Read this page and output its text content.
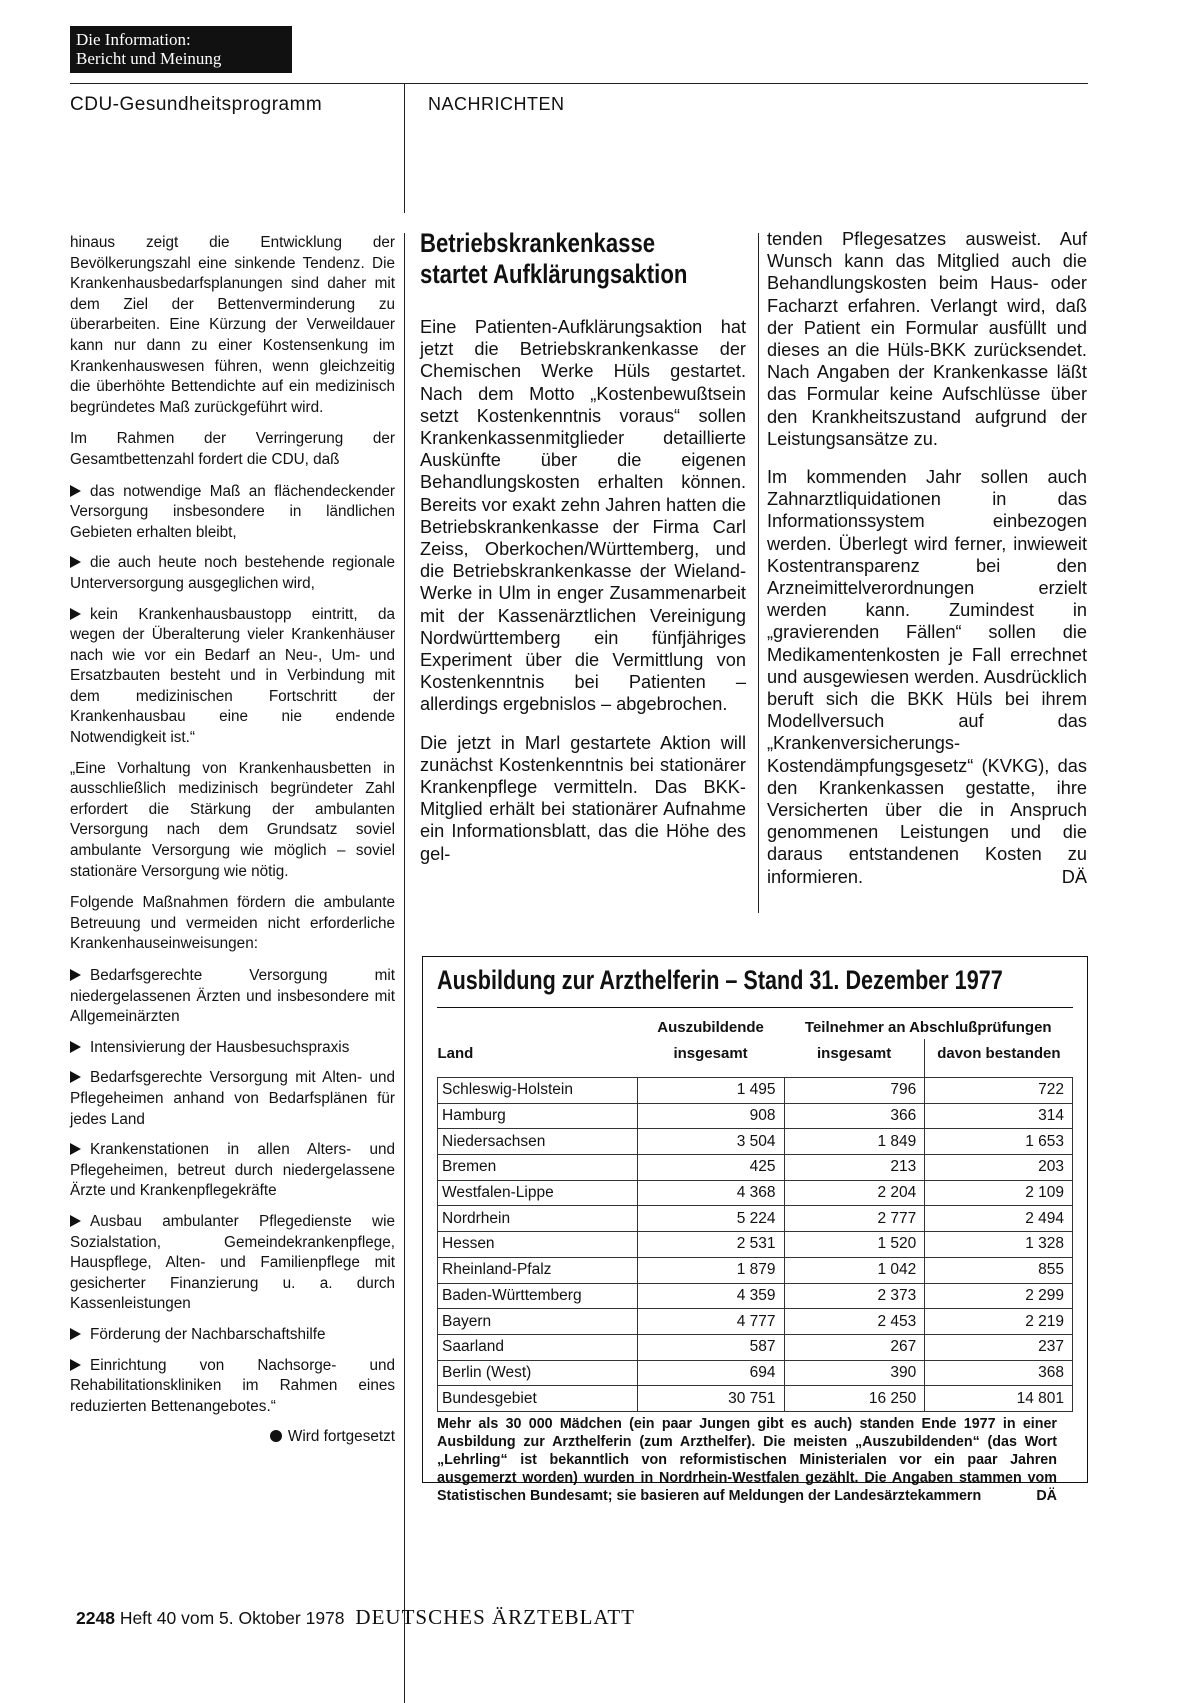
Die Information:
Bericht und Meinung
CDU-Gesundheitsprogramm	NACHRICHTEN

hinaus zeigt die Entwicklung der Bevölkerungszahl eine sinkende Tendenz. Die Krankenhausbedarfsplanungen sind daher mit dem Ziel der Bettenverminderung zu überarbeiten. Eine Kürzung der Verweildauer kann nur dann zu einer Kostensenkung im Krankenhauswesen führen, wenn gleichzeitig die überhöhte Bettendichte auf ein medizinisch begründetes Maß zurückgeführt wird.

Im Rahmen der Verringerung der Gesamtbettenzahl fordert die CDU, daß

das notwendige Maß an flächendeckender Versorgung insbesondere in ländlichen Gebieten erhalten bleibt,

die auch heute noch bestehende regionale Unterversorgung ausgeglichen wird,

kein Krankenhausbaustopp eintritt, da wegen der Überalterung vieler Krankenhäuser nach wie vor ein Bedarf an Neu-, Um- und Ersatzbauten besteht und in Verbindung mit dem medizinischen Fortschritt der Krankenhausbau eine nie endende Notwendigkeit ist.“

„Eine Vorhaltung von Krankenhausbetten in ausschließlich medizinisch begründeter Zahl erfordert die Stärkung der ambulanten Versorgung nach dem Grundsatz soviel ambulante Versorgung wie möglich – soviel stationäre Versorgung wie nötig.

Folgende Maßnahmen fördern die ambulante Betreuung und vermeiden nicht erforderliche Krankenhauseinweisungen:

Bedarfsgerechte Versorgung mit niedergelassenen Ärzten und insbesondere mit Allgemeinärzten

Intensivierung der Hausbesuchspraxis

Bedarfsgerechte Versorgung mit Alten- und Pflegeheimen anhand von Bedarfsplänen für jedes Land

Krankenstationen in allen Alters- und Pflegeheimen, betreut durch niedergelassene Ärzte und Krankenpflegekräfte

Ausbau ambulanter Pflegedienste wie Sozialstation, Gemeindekrankenpflege, Hauspflege, Alten- und Familienpflege mit gesicherter Finanzierung u. a. durch Kassenleistungen

Förderung der Nachbarschaftshilfe

Einrichtung von Nachsorge- und Rehabilitationskliniken im Rahmen eines reduzierten Bettenangebotes.“

Wird fortgesetzt
Betriebskrankenkasse
startet Aufklärungsaktion

Eine Patienten-Aufklärungsaktion hat jetzt die Betriebskrankenkasse der Chemischen Werke Hüls gestartet. Nach dem Motto „Kostenbewußtsein setzt Kostenkenntnis voraus“ sollen Krankenkassenmitglieder detaillierte Auskünfte über die eigenen Behandlungskosten erhalten können. Bereits vor exakt zehn Jahren hatten die Betriebskrankenkasse der Firma Carl Zeiss, Oberkochen/Württemberg, und die Betriebskrankenkasse der Wieland-Werke in Ulm in enger Zusammenarbeit mit der Kassenärztlichen Vereinigung Nordwürttemberg ein fünfjähriges Experiment über die Vermittlung von Kostenkenntnis bei Patienten – allerdings ergebnislos – abgebrochen.

Die jetzt in Marl gestartete Aktion will zunächst Kostenkenntnis bei stationärer Krankenpflege vermitteln. Das BKK-Mitglied erhält bei stationärer Aufnahme ein Informationsblatt, das die Höhe des gel-

tenden Pflegesatzes ausweist. Auf Wunsch kann das Mitglied auch die Behandlungskosten beim Haus- oder Facharzt erfahren. Verlangt wird, daß der Patient ein Formular ausfüllt und dieses an die Hüls-BKK zurücksendet. Nach Angaben der Krankenkasse läßt das Formular keine Aufschlüsse über den Krankheitszustand aufgrund der Leistungsansätze zu.

Im kommenden Jahr sollen auch Zahnarztliquidationen in das Informationssystem einbezogen werden. Überlegt wird ferner, inwieweit Kostentransparenz bei den Arzneimittelverordnungen erzielt werden kann. Zumindest in „gravierenden Fällen“ sollen die Medikamentenkosten je Fall errechnet und ausgewiesen werden. Ausdrücklich beruft sich die BKK Hüls bei ihrem Modellversuch auf das „Krankenversicherungs-Kostendämpfungsgesetz“ (KVKG), das den Krankenkassen gestatte, ihre Versicherten über die in Anspruch genommenen Leistungen und die daraus entstandenen Kosten zu informieren.	DÄ

Ausbildung zur Arzthelferin – Stand 31. Dezember 1977
	Auszubildende	Teilnehmer an Abschlußprüfungen	
Land	insgesamt	insgesamt	davon bestanden
Schleswig-Holstein	1 495	796	722
Hamburg	908	366	314
Niedersachsen	3 504	1 849	1 653
Bremen	425	213	203
Westfalen-Lippe	4 368	2 204	2 109
Nordrhein	5 224	2 777	2 494
Hessen	2 531	1 520	1 328
Rheinland-Pfalz	1 879	1 042	855
Baden-Württemberg	4 359	2 373	2 299
Bayern	4 777	2 453	2 219
Saarland	587	267	237
Berlin (West)	694	390	368
Bundesgebiet	30 751	16 250	14 801
Mehr als 30 000 Mädchen (ein paar Jungen gibt es auch) standen Ende 1977 in einer Ausbildung zur Arzthelferin (zum Arzthelfer). Die meisten „Auszubildenden“ (das Wort „Lehrling“ ist bekanntlich von reformistischen Ministerialen vor ein paar Jahren ausgemerzt worden) wurden in Nordrhein-Westfalen gezählt. Die Angaben stammen vom Statistischen Bundesamt; sie basieren auf Meldungen der Landesärztekammern	DÄ
2248 Heft 40 vom 5. Oktober 1978 DEUTSCHES ÄRZTEBLATT
